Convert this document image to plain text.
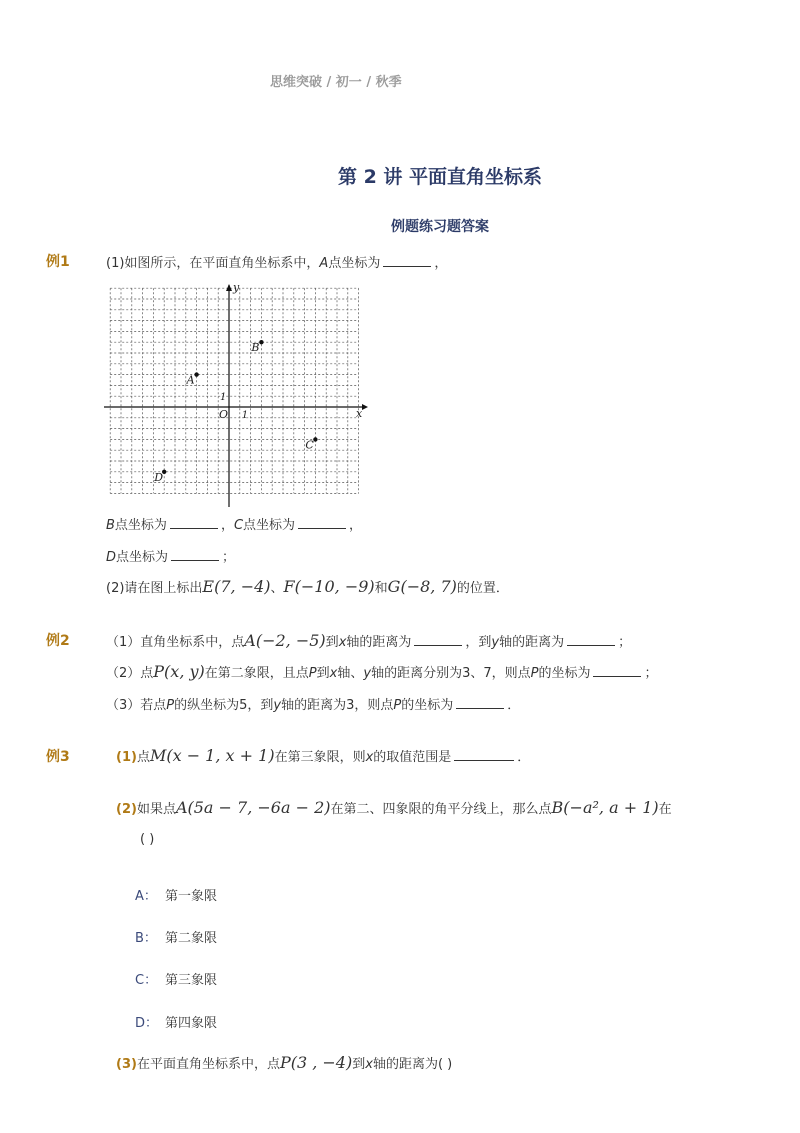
思维突破 / 初一 / 秋季
第 2 讲 平面直角坐标系
例题练习题答案
例1	(1)如图所示，在平面直角坐标系中，A点坐标为	，
x
y
O 1
1
A
B
C
D
B点坐标为	，C点坐标为	，
D点坐标为	；
(2)请在图上标出E(7, −4)、F(−10, −9)和G(−8, 7)的位置．
例2	（1）直角坐标系中，点A(−2, −5)到x轴的距离为	，到y轴的距离为	；
（2）点P(x, y)在第二象限，且点P到x轴、y轴的距离分别为3、7，则点P的坐标为	；
（3）若点P的纵坐标为5，到y轴的距离为3，则点P的坐标为	．
例3	(1)点M(x − 1, x + 1)在第三象限，则x的取值范围是	．
(2)如果点A(5a − 7, −6a − 2)在第二、四象限的角平分线上，那么点B(−a², a + 1)在
( )
A： 第一象限
B： 第二象限
C： 第三象限
D： 第四象限
(3)在平面直角坐标系中，点P(3 , −4)到x轴的距离为( )
